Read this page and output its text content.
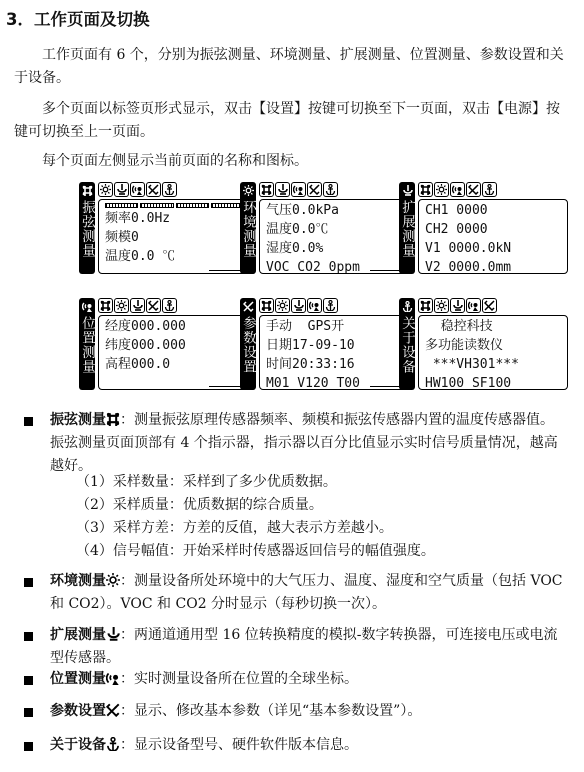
3．工作页面及切换

工作页面有 6 个，分别为振弦测量、环境测量、扩展测量、位置测量、参数设置和关于设备。

多个页面以标签页形式显示，双击【设置】按键可切换至下一页面，双击【电源】按键可切换至上一页面。

每个页面左侧显示当前页面的名称和图标。

振弦测量 频率0.0Hz
频模0
温度0.0 ℃	环境测量 气压0.0kPa
温度0.0℃
湿度0.0%
VOC CO2 0ppm
扩展测量 CH1 0000
CH2 0000
V1 0000.0kN
V2 0000.0mm
位置测量 经度000.000
纬度000.000
高程000.0	参数设置 手动  GPS开
日期17-09-10
时间20:33:16
M01 V120 T00
关于设备 稳控科技
多功能读数仪
***VH301***
HW100 SF100
振弦测量 ：测量振弦原理传感器频率、频模和振弦传感器内置的温度传感器值。振弦测量页面顶部有 4 个指示器，指示器以百分比值显示实时信号质量情况，越高越好。
（1）采样数量：采样到了多少优质数据。
（2）采样质量：优质数据的综合质量。
（3）采样方差：方差的反值，越大表示方差越小。
（4）信号幅值：开始采样时传感器返回信号的幅值强度。
环境测量 ：测量设备所处环境中的大气压力、温度、湿度和空气质量（包括 VOC 和 CO2）。VOC 和 CO2 分时显示（每秒切换一次）。
扩展测量 ：两通道通用型 16 位转换精度的模拟-数字转换器，可连接电压或电流型传感器。
位置测量 ：实时测量设备所在位置的全球坐标。
参数设置 ：显示、修改基本参数（详见“基本参数设置”）。
关于设备 ：显示设备型号、硬件软件版本信息。
